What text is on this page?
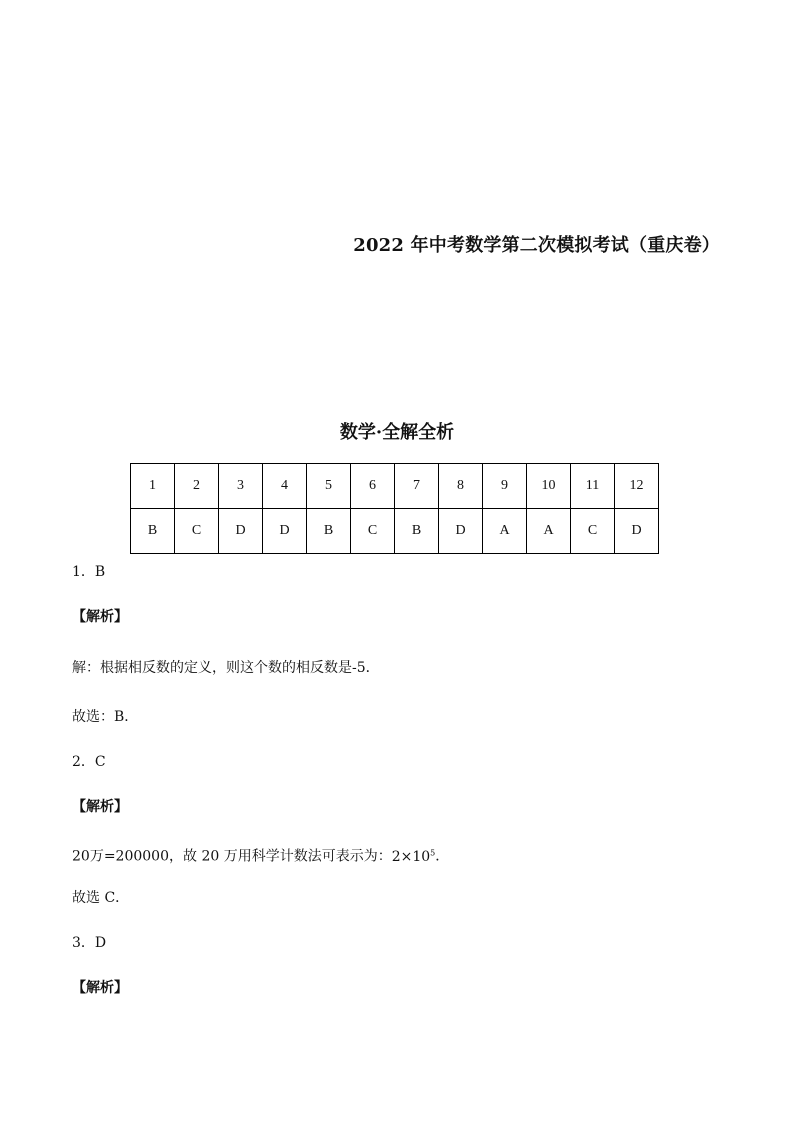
2022 年中考数学第二次模拟考试（重庆卷）
数学·全解全析
1	2	3	4	5	6	7	8	9	10	11	12
B	C	D	D	B	C	B	D	A	A	C	D
1．B
【解析】
解：根据相反数的定义，则这个数的相反数是-5．
故选：B．
2．C
【解析】
20万=200000，故 20 万用科学计数法可表示为：$2\times 10^5$．
故选 C．
3．D
【解析】
